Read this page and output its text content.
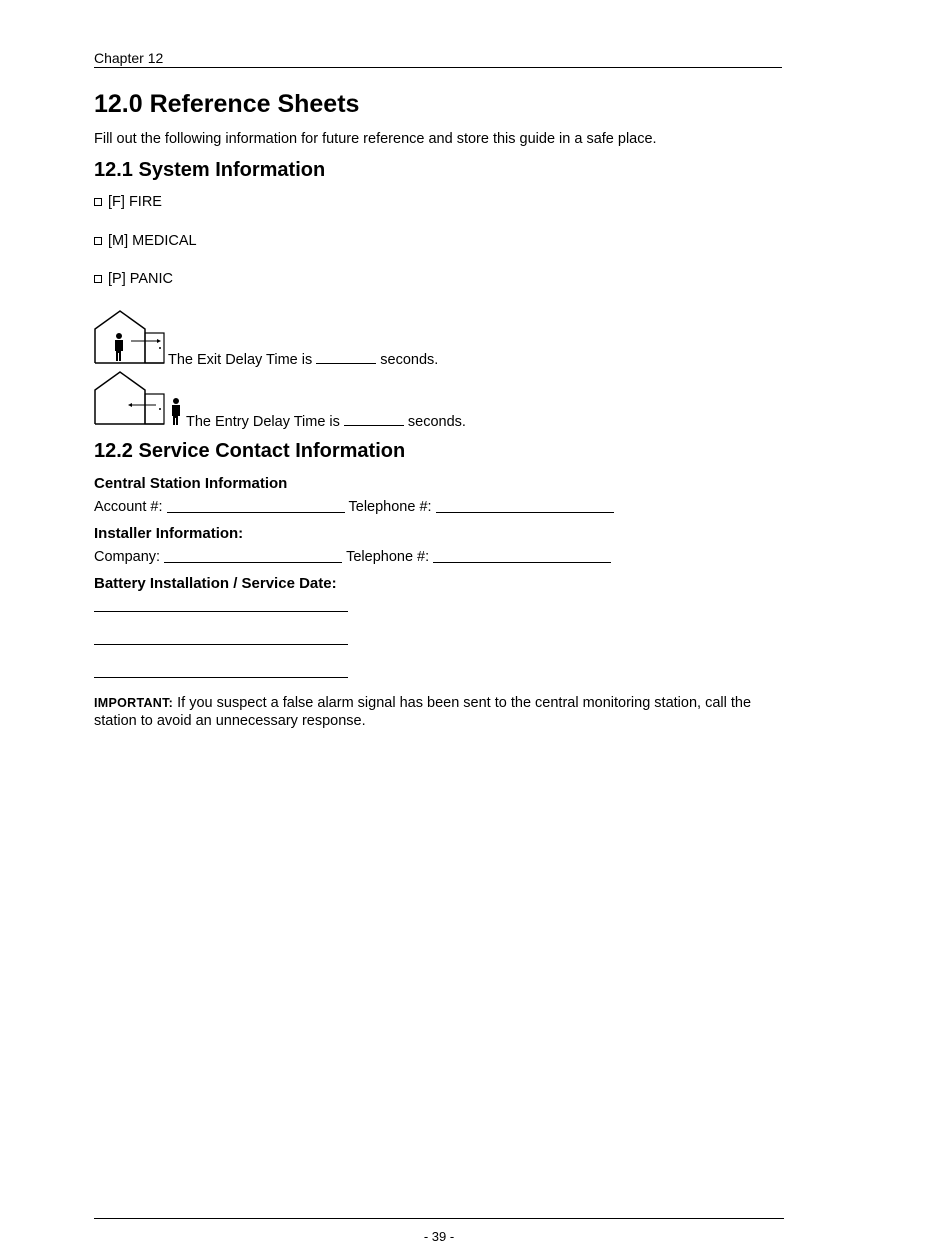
Chapter 12
12.0 Reference Sheets
Fill out the following information for future reference and store this guide in a safe place.
12.1 System Information
[F] FIRE
[M] MEDICAL
[P] PANIC
The Exit Delay Time is	seconds.
The Entry Delay Time is	seconds.
12.2 Service Contact Information
Central Station Information
Account #:	Telephone #:
Installer Information:
Company:	Telephone #:
Battery Installation / Service Date:
IMPORTANT: If you suspect a false alarm signal has been sent to the central monitoring station, call the station to avoid an unnecessary response.
- 39 -
